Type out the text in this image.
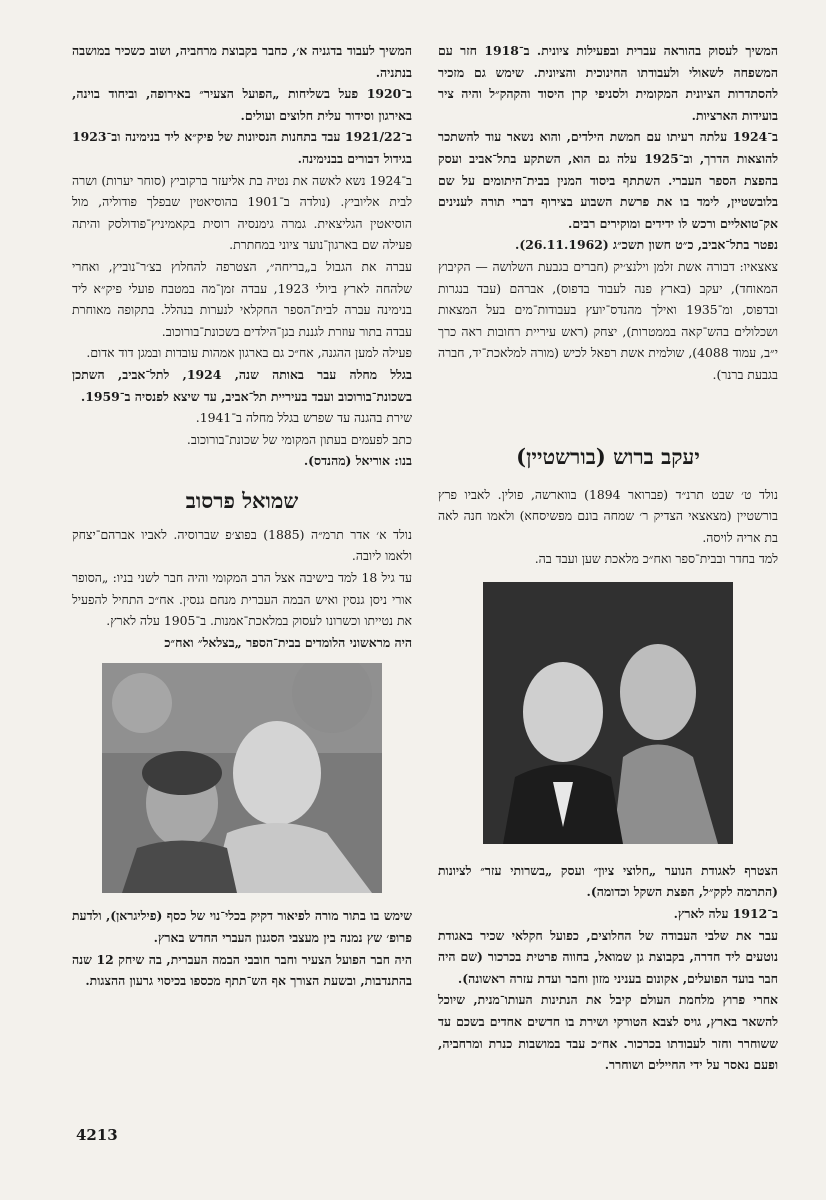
המשיך לעסוק בהוראה עברית ובפעילות ציונית. ב־1918 חזר עם המשפחה לשאולי ולעבודתו החינוכית והציונית. שימש גם מזכיר להסתדרות הציונית המקומית ולסניפי קרן היסוד והקהק״ל והיה ציר בועידות הארציות.

ב־1924 עלתה רעיתו עם חמשת הילדים, והוא נשאר עוד להשתכר להוצאות הדרך, וב־1925 עלה גם הוא, השתקע בתל־אביב ועסק בהפצת הספר העברי. השתתף ביסוד המנין בבית־היתומים על שם בלובשטיין, לימד בו את פרשת השבוע בצירוף דברי תורה לענינים אק־טואליים ורכש לו ידידים ומוקירים רבים.

נפטר בתל־אביב, כ״ט חשון תשכ״ג (26.11.1962).

צאצאיו: דבורה אשת זלמן וילנצ׳יק (חברים בגבעת השלושה — הקיבוץ המאוחד), יעקב (בארץ פנה לעבוד בדפוס), אברהם (עבד בנגרות ובדפוס, ומ־1935 ואילך מהנדס־יועץ בעבודות־מים בעל המצאות ושכלולים בהש־קאה בממטרות), יצחק (ראש עיריית רחובות ראה כרך י״ב, עמוד 4088), שולמית אשת רפאל לכיש (מורה למלאכת־יד, חברה בגבעת ברנר).

יעקב ברוש (בורשטיין)

נולד ט׳ שבט תרנ״ד (פברואר 1894) בווארשה, פולין. לאביו פרץ בורשטיין (מצאצאי הצדיק ר׳ שמחה בונם מפשיסחא) ולאמו חנה לאה בת אריה לויסה.

למד בחדר ובבית־ספר ואח״כ מלאכת שען ועבד בה.

הצטרף לאגודת הנוער „חלוצי ציון״ ועסק „בשרותי עזר״ לציונות (התרמה לקק״ל, הפצת השקל וכדומה).

ב־1912 עלה לארץ.

עבר את שלבי העבודה של החלוצים, כפועל חקלאי שכיר באגודת נוטעים ליד חדרה, בקבוצת גן שמואל, בחווה פרטית בכרכור (שם היה חבר בועד הפועלים, אקונום בעניני מזון וחבר ועדת עזרה ראשונה).

אחרי פרוץ מלחמת העולם קיבל את הנתינות העותו־מנית, שיוכל להשאר בארץ, גויס לצבא הטורקי ושירת בו חדשים אחדים בשכם עד ששוחרר וחזר לעבודתו בכרכור. אח״כ עבד במושבות כנרת ומרחביה, ופעם נאסר על ידי החיילים ושוחרר.

המשיך לעבוד בדגניה א׳, כחבר בקבוצת מרחביה, ושוב כשכיר במושבה בנתניה.

ב־1920 פעל בשליחות „הפועל הצעיר״ באירופה, וביחוד בוינה, באירגון וסידור עלית חלוצים ועולים.

ב־1921/22 עבד בתחנות הנסיונות של פיק״א ליד בנימינה וב־1923 בגידול דבורים בבנימינה.

ב־1924 נשא לאשה את נטיה בת אליעזר ברקוביץ (סוחר יערות) ושרה לבית אליוביץ. (נולדה ב־1901 בהוסיאטין שבפלך פודוליה, מול הוסיאטין הגליצאית. גמרה גימנסיה רוסית בקאמיניץ־פודולסק והיתה פעילה שם בארגון־נוער ציוני במחתרת.

עברה את הגבול ב„בריחה״, הצטרפה להחלוץ בצ׳ר־נוביץ, ואחרי שלהחה לארץ ביולי 1923, עבדה זמן־מה במטבח פועלי פיק״א ליד בנימינה עברה לבית־הספר החקלאי לנערות בנהלל. בתקופה מאוחרת עבדה בתור עוזרת לגננת בגן־הילדים בשכונת־בורוכוב.

פעילה למען ההגנה, אח״כ גם בארגון אמהות עובדות ובמגן דוד אדום.

בגלל מחלה עבר באותה שנה, 1924, לתל־אביב, השתכן בשכונת־בורוכוב ועבד בעיריית תל־אביב, עד שיצא לפנסיה ב־1959.

שירת בהגנה עד שפרש בגלל מחלה ב־1941.

כתב לפעמים בעתון המקומי של שכונת־בורוכוב.

בנו: אוריאל (מהנדס).

שמואל פרסוב

נולד א׳ אדר תרמ״ה (1885) בפוצ׳פ שברוסיה. לאביו אברהם־יצחק ולאמו ליובה.

עד גיל 18 למד בישיבה אצל הרב המקומי והיה חבר לשני בניו: „הסופר אורי ניסן גנסין ואיש הבמה העברית מנחם גנסין. אח״כ התחיל להפעיל את נטייתו וכשרונו לעסוק במלאכת־אמנות. ב־1905 עלה לארץ.

היה מראשוני הלומדים בבית־הספר „בצלאל״ ואח״כ

שימש בו בתור מורה לפיאור דקיק בכלי־נוי של כסף (פיליגראן), ולדעת פרופ׳ שץ נמנה בין מעצבי הסגנון העברי החדש בארץ.

היה חבר הפועל הצעיר וחבר חובבי הבמה העברית, בה שיחק 12 שנה בהתנדבות, ובשעת הצורך אף הש־תתף מכספו בכיסוי גרעון ההצגות.

4213
